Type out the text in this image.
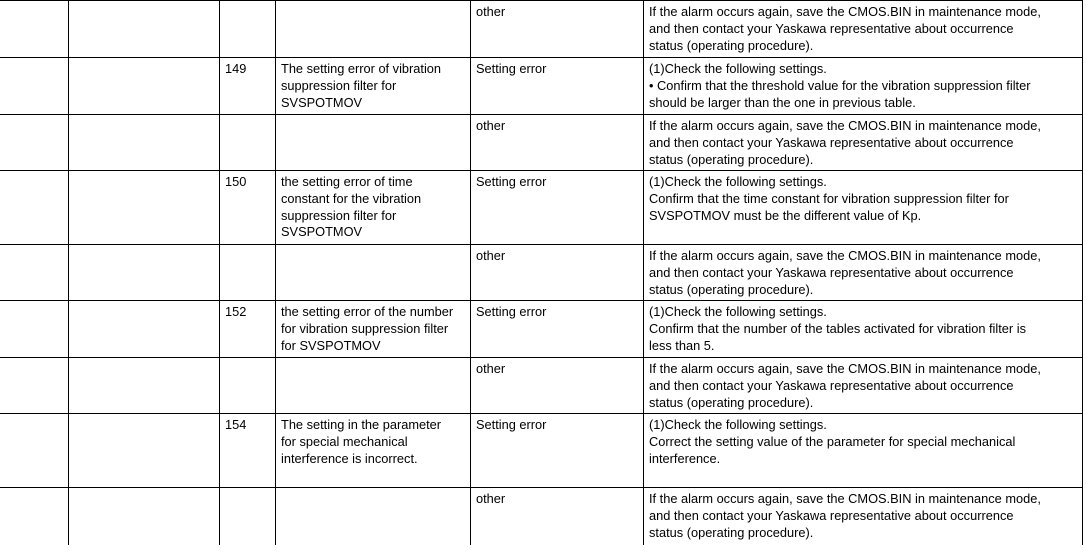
				other	If the alarm occurs again, save the CMOS.BIN in maintenance mode,
and then contact your Yaskawa representative about occurrence
status (operating procedure).
		149	The setting error of vibration
suppression filter for
SVSPOTMOV	Setting error	(1)Check the following settings.
• Confirm that the threshold value for the vibration suppression filter
should be larger than the one in previous table.
				other	If the alarm occurs again, save the CMOS.BIN in maintenance mode,
and then contact your Yaskawa representative about occurrence
status (operating procedure).
		150	the setting error of time
constant for the vibration
suppression filter for
SVSPOTMOV	Setting error	(1)Check the following settings.
Confirm that the time constant for vibration suppression filter for
SVSPOTMOV must be the different value of Kp.
				other	If the alarm occurs again, save the CMOS.BIN in maintenance mode,
and then contact your Yaskawa representative about occurrence
status (operating procedure).
		152	the setting error of the number
for vibration suppression filter
for SVSPOTMOV	Setting error	(1)Check the following settings.
Confirm that the number of the tables activated for vibration filter is
less than 5.
				other	If the alarm occurs again, save the CMOS.BIN in maintenance mode,
and then contact your Yaskawa representative about occurrence
status (operating procedure).
		154	The setting in the parameter
for special mechanical
interference is incorrect.	Setting error	(1)Check the following settings.
Correct the setting value of the parameter for special mechanical
interference.
				other	If the alarm occurs again, save the CMOS.BIN in maintenance mode,
and then contact your Yaskawa representative about occurrence
status (operating procedure).
